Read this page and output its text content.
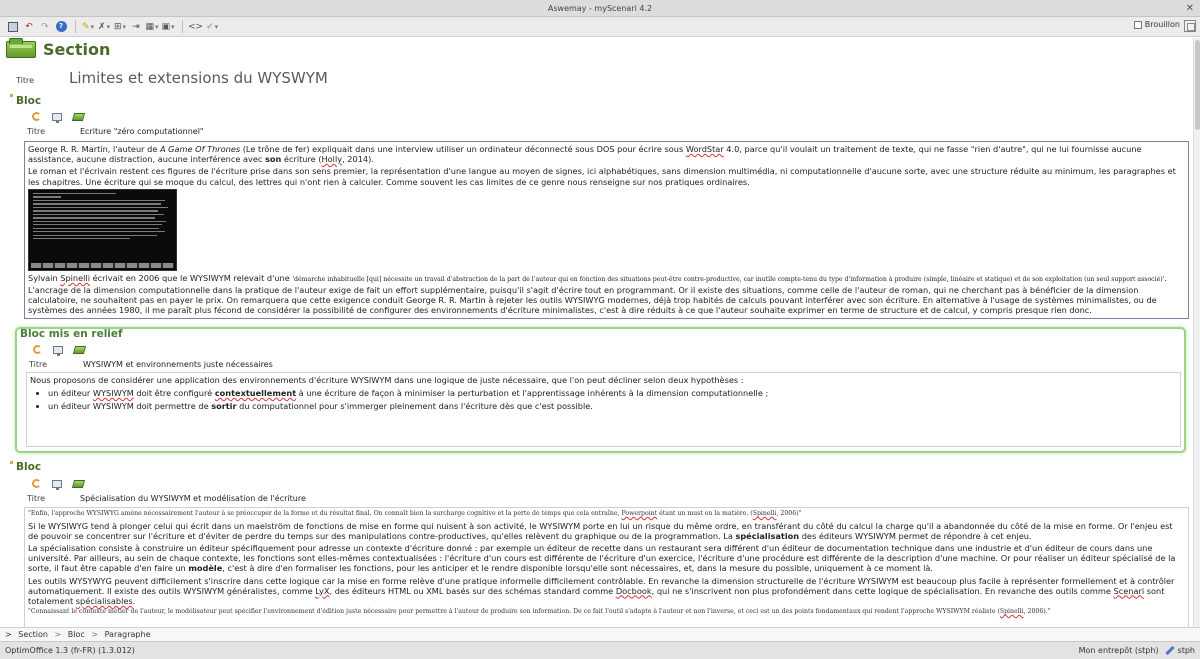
Aswemay - myScenari 4.2	✕
↶ ↷	?	✎ ▾ ✗ ▾ ⊞ ▾	⇥ ▦ ▾ ▣ ▾	<> ✔ ▾	Brouillon
Section
Titre Limites et extensions du WYSWYM
Bloc
Titre	Ecriture "zéro computationnel"

George R. R. Martin, l'auteur de A Game Of Thrones (Le trône de fer) expliquait dans une interview utiliser un ordinateur déconnecté sous DOS pour écrire sous WordStar 4.0, parce qu'il voulait un traitement de texte, qui ne fasse "rien d'autre", qui ne lui fournisse aucune assistance, aucune distraction, aucune interférence avec son écriture (Holly, 2014).

Le roman et l'écrivain restent ces figures de l'écriture prise dans son sens premier, la représentation d'une langue au moyen de signes, ici alphabétiques, sans dimension multimédia, ni computationnelle d'aucune sorte, avec une structure réduite au minimum, les paragraphes et les chapitres. Une écriture qui se moque du calcul, des lettres qui n'ont rien à calculer. Comme souvent les cas limites de ce genre nous renseigne sur nos pratiques ordinaires.

Sylvain Spinelli écrivait en 2006 que le WYSIWYM relevait d'une 'démarche inhabituelle [qui] nécessite un travail d'abstraction de la part de l'auteur qui en fonction des situations peut-être contre-productive, car inutile compte-tenu du type d'information à produire (simple, linéaire et statique) et de son exploitation (un seul support associé)'. L'ancrage de la dimension computationnelle dans la pratique de l'auteur exige de fait un effort supplémentaire, puisqu'il s'agit d'écrire tout en programmant. Or il existe des situations, comme celle de l'auteur de roman, qui ne cherchant pas à bénéficier de la dimension calculatoire, ne souhaitent pas en payer le prix. On remarquera que cette exigence conduit George R. R. Martin à rejeter les outils WYSIWYG modernes, déjà trop habités de calculs pouvant interférer avec son écriture. En alternative à l'usage de systèmes minimalistes, ou de systèmes des années 1980, il me paraît plus fécond de considérer la possibilité de configurer des environnements d'écriture minimalistes, c'est à dire réduits à ce que l'auteur souhaite exprimer en terme de structure et de calcul, y compris presque rien donc.

Bloc mis en relief
Titre	WYSIWYM et environnements juste nécessaires

Nous proposons de considérer une application des environnements d'écriture WYSIWYM dans une logique de juste nécessaire, que l'on peut décliner selon deux hypothèses :

• un éditeur WYSIWYM doit être configuré contextuellement à une écriture de façon à minimiser la perturbation et l'apprentissage inhérents à la dimension computationnelle ;
• un éditeur WYSIWYM doit permettre de sortir du computationnel pour s'immerger pleinement dans l'écriture dès que c'est possible.
Bloc
Titre	Spécialisation du WYSIWYM et modélisation de l'écriture

"Enfin, l'approche WYSIWYG amène nécessairement l'auteur à se préoccuper de la forme et du résultat final. On connaît bien la surcharge cognitive et la perte de temps que cela entraîne, Powerpoint étant un must en la matière. (Spinelli, 2006)"

Si le WYSIWYG tend à plonger celui qui écrit dans un maelström de fonctions de mise en forme qui nuisent à son activité, le WYSIWYM porte en lui un risque du même ordre, en transférant du côté du calcul la charge qu'il a abandonnée du côté de la mise en forme. Or l'enjeu est de pouvoir se concentrer sur l'écriture et d'éviter de perdre du temps sur des manipulations contre-productives, qu'elles relèvent du graphique ou de la programmation. La spécialisation des éditeurs WYSIWYM permet de répondre à cet enjeu.

La spécialisation consiste à construire un éditeur spécifiquement pour adresse un contexte d'écriture donné : par exemple un éditeur de recette dans un restaurant sera différent d'un éditeur de documentation technique dans une industrie et d'un éditeur de cours dans une université. Par ailleurs, au sein de chaque contexte, les fonctions sont elles-mêmes contextualisées : l'écriture d'un cours est différente de l'écriture d'un exercice, l'écriture d'une procédure est différente de la description d'une machine. Or pour réaliser un éditeur spécialisé de la sorte, il faut être capable d'en faire un modèle, c'est à dire d'en formaliser les fonctions, pour les anticiper et le rendre disponible lorsqu'elle sont nécessaires, et, dans la mesure du possible, uniquement à ce moment là.

Les outils WYSYWYG peuvent difficilement s'inscrire dans cette logique car la mise en forme relève d'une pratique informelle difficilement contrôlable. En revanche la dimension structurelle de l'écriture WYSIWYM est beaucoup plus facile à représenter formellement et à contrôler automatiquement. Il existe des outils WYSIWYM généralistes, comme LyX, des éditeurs HTML ou XML basés sur des schémas standard comme Docbook, qui ne s'inscrivent non plus profondément dans cette logique de spécialisation. En revanche des outils comme Scenari sont totalement spécialisables.

"Connaissant le contexte métier de l'auteur, le modélisateur peut spécifier l'environnement d'édition juste nécessaire pour permettre à l'auteur de produire son information. De ce fait l'outil s'adapte à l'auteur et non l'inverse, et ceci est un des points fondamentaux qui rendent l'approche WYSIWYM réaliste (Spinelli, 2006)."

> Section > Bloc > Paragraphe
OptimOffice 1.3 (fr-FR) (1.3.012)	Mon entrepôt (stph) stph
